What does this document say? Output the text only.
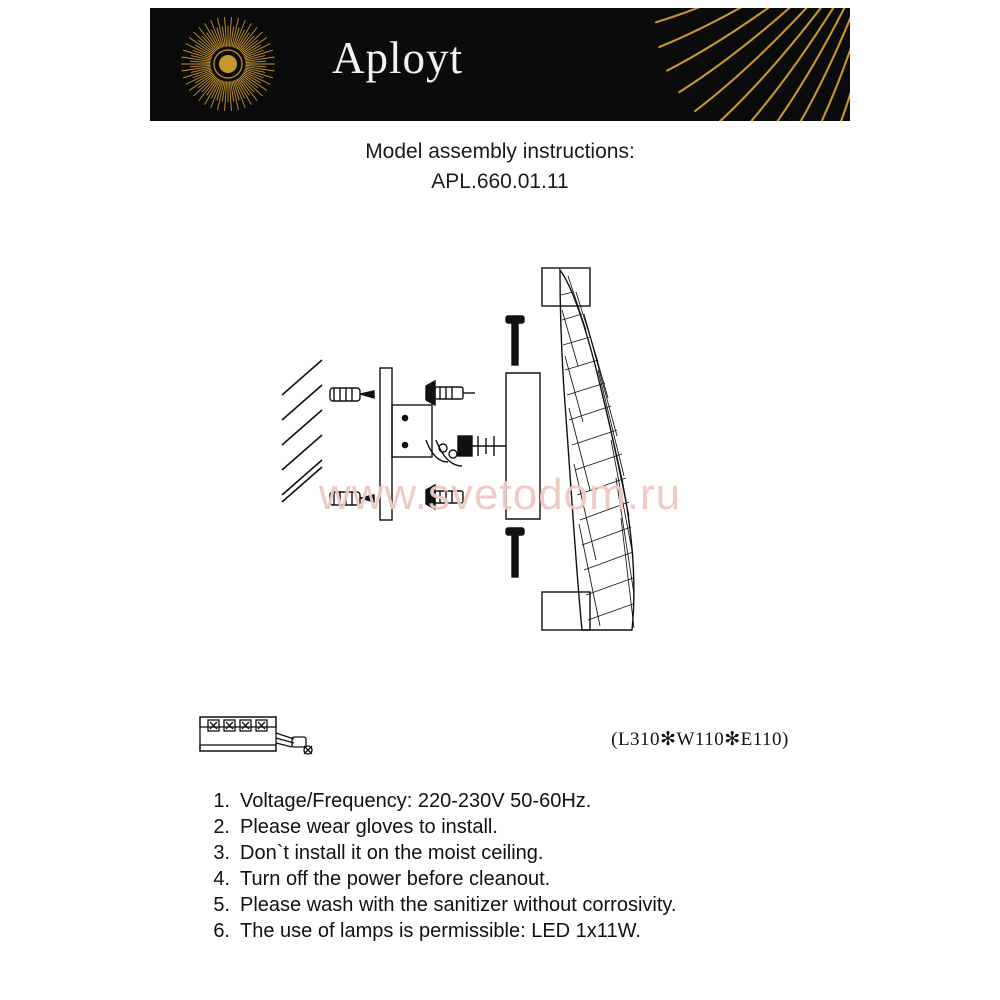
Aployt
Model assembly instructions:
APL.660.01.11
www.svetodom.ru
(L310✻W110✻E110)
1. Voltage/Frequency: 220-230V 50-60Hz.
2. Please wear gloves to install.
3. Don`t install it on the moist ceiling.
4. Turn off the power before cleanout.
5. Please wash with the sanitizer without corrosivity.
6. The use of lamps is permissible: LED 1x11W.
